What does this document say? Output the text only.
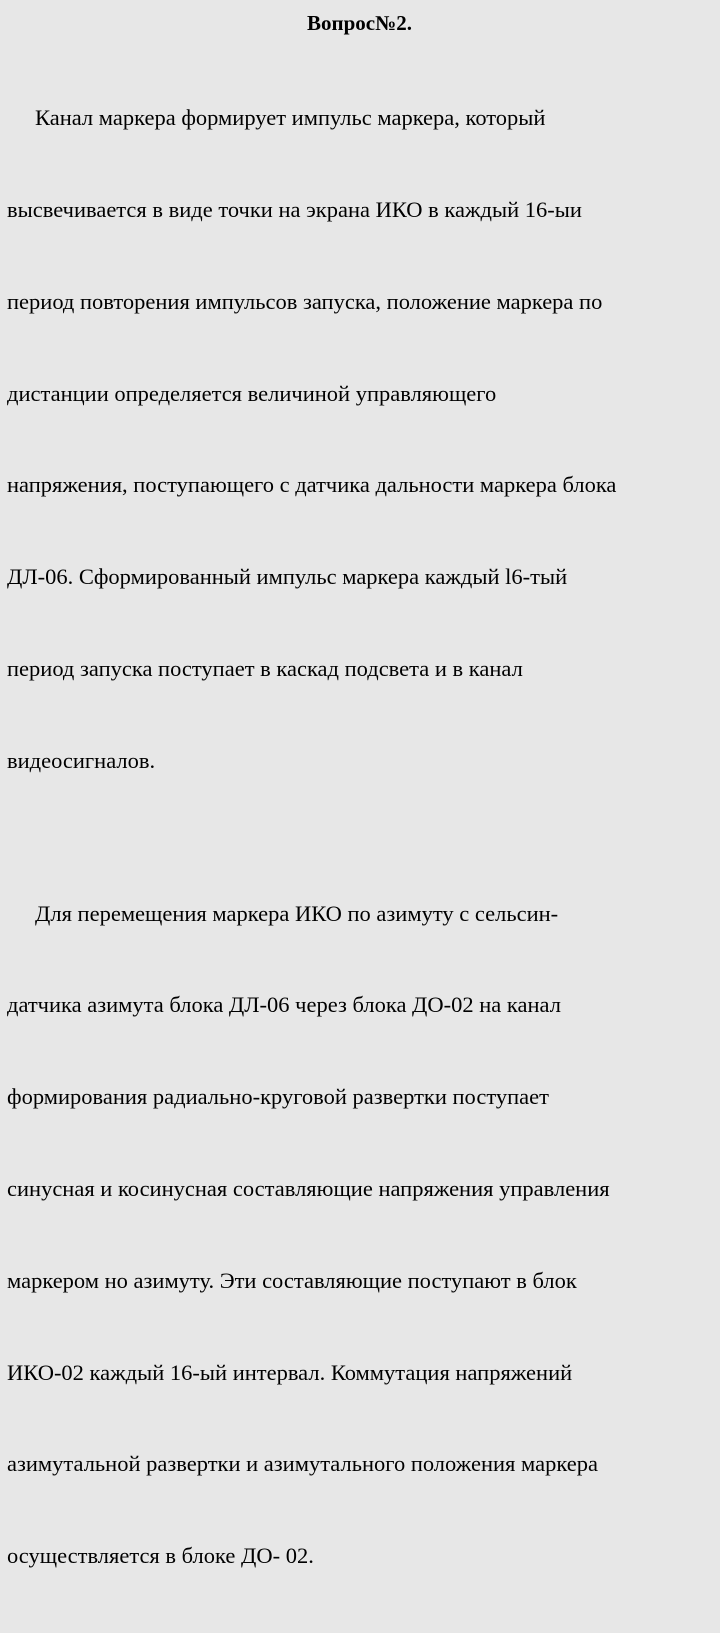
Вопрос№2.

Канал маркера формирует импульс маркера, который

высвечивается в виде точки на экрана ИКО в каждый 16-ыи

период повторения импульсов запуска, положение маркера по

дистанции определяется величиной управляющего

напряжения, поступающего с датчика дальности маркера блока

ДЛ-06. Сформированный импульс маркера каждый l6-тый

период запуска поступает в каскад подсвета и в канал

видеосигналов.

Для перемещения маркера ИКО по азимуту с сельсин-

датчика азимута блока ДЛ-06 через блока ДО-02 на канал

формирования радиально-круговой развертки поступает

синусная и косинусная составляющие напряжения управления

маркером но азимуту. Эти составляющие поступают в блок

ИКО-02 каждый 16-ый интервал. Коммутация напряжений

азимутальной развертки и азимутального положения маркера

осуществляется в блоке ДО- 02.
